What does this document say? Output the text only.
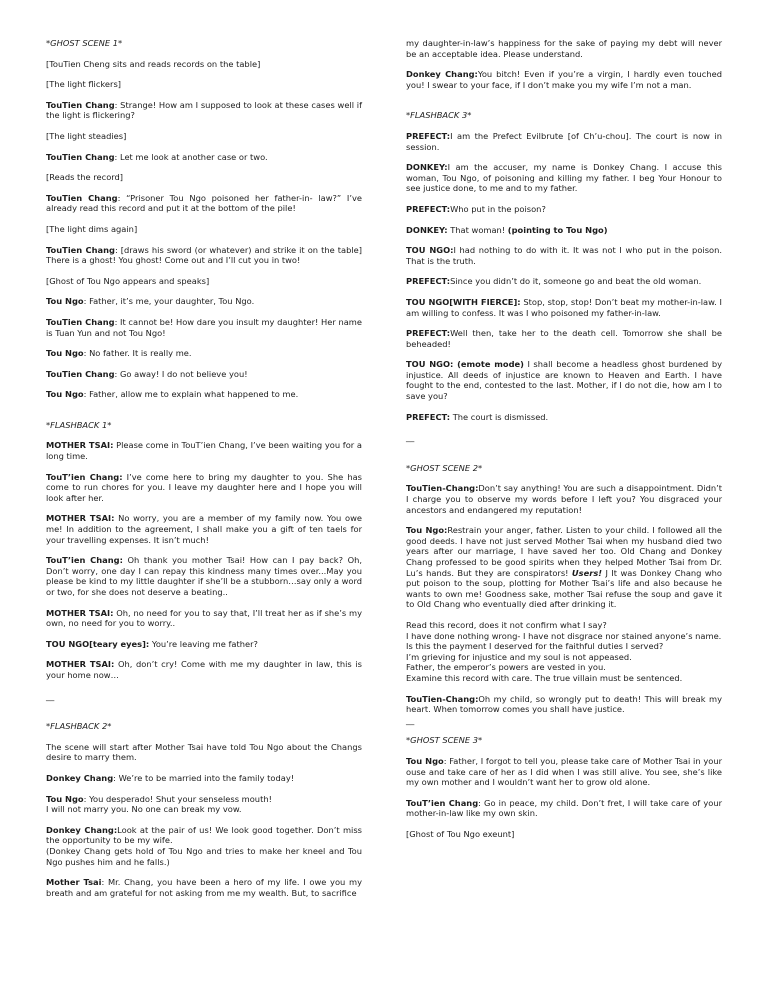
*GHOST SCENE 1*

[TouTien Cheng sits and reads records on the table]

[The light flickers]

TouTien Chang: Strange! How am I supposed to look at these cases well if the light is flickering?

[The light steadies]

TouTien Chang: Let me look at another case or two.

[Reads the record]

TouTien Chang: “Prisoner Tou Ngo poisoned her father-in- law?” I’ve already read this record and put it at the bottom of the pile!

[The light dims again]

TouTien Chang: [draws his sword (or whatever) and strike it on the table] There is a ghost! You ghost! Come out and I’ll cut you in two!

[Ghost of Tou Ngo appears and speaks]

Tou Ngo: Father, it’s me, your daughter, Tou Ngo.

TouTien Chang: It cannot be! How dare you insult my daughter! Her name is Tuan Yun and not Tou Ngo!

Tou Ngo: No father. It is really me.

TouTien Chang: Go away! I do not believe you!

Tou Ngo: Father, allow me to explain what happened to me.

*FLASHBACK 1*

MOTHER TSAI: Please come in TouT’ien Chang, I’ve been waiting you for a long time.

TouT’ien Chang: I’ve come here to bring my daughter to you. She has come to run chores for you. I leave my daughter here and I hope you will look after her.

MOTHER TSAI: No worry, you are a member of my family now. You owe me! In addition to the agreement, I shall make you a gift of ten taels for your travelling expenses. It isn’t much!

TouT’ien Chang: Oh thank you mother Tsai! How can I pay back? Oh, Don’t worry, one day I can repay this kindness many times over...May you please be kind to my little daughter if she’ll be a stubborn…say only a word or two, for she does not deserve a beating..

MOTHER TSAI: Oh, no need for you to say that, I’ll treat her as if she’s my own, no need for you to worry..

TOU NGO[teary eyes]: You’re leaving me father?

MOTHER TSAI: Oh, don’t cry! Come with me my daughter in law, this is your home now…

__

*FLASHBACK 2*

The scene will start after Mother Tsai have told Tou Ngo about the Changs desire to marry them.

Donkey Chang: We’re to be married into the family today!

Tou Ngo: You desperado! Shut your senseless mouth!
I will not marry you. No one can break my vow.

Donkey Chang:Look at the pair of us! We look good together. Don’t miss the opportunity to be my wife.
(Donkey Chang gets hold of Tou Ngo and tries to make her kneel and Tou Ngo pushes him and he falls.)

Mother Tsai: Mr. Chang, you have been a hero of my life. I owe you my breath and am grateful for not asking from me my wealth. But, to sacrifice

my daughter-in-law’s happiness for the sake of paying my debt will never be an acceptable idea. Please understand.

Donkey Chang:You bitch! Even if you’re a virgin, I hardly even touched you! I swear to your face, if I don’t make you my wife I’m not a man.

*FLASHBACK 3*

PREFECT:I am the Prefect Evilbrute [of Ch’u-chou]. The court is now in session.

DONKEY:I am the accuser, my name is Donkey Chang. I accuse this woman, Tou Ngo, of poisoning and killing my father. I beg Your Honour to see justice done, to me and to my father.

PREFECT:Who put in the poison?

DONKEY: That woman! (pointing to Tou Ngo)

TOU NGO:I had nothing to do with it. It was not I who put in the poison. That is the truth.

PREFECT:Since you didn’t do it, someone go and beat the old woman.

TOU NGO[WITH FIERCE]: Stop, stop, stop! Don’t beat my mother-in-law. I am willing to confess. It was I who poisoned my father-in-law.

PREFECT:Well then, take her to the death cell. Tomorrow she shall be beheaded!

TOU NGO: (emote mode) I shall become a headless ghost burdened by injustice. All deeds of injustice are known to Heaven and Earth. I have fought to the end, contested to the last. Mother, if I do not die, how am I to save you?

PREFECT: The court is dismissed.

__

*GHOST SCENE 2*

TouTien-Chang:Don’t say anything! You are such a disappointment. Didn’t I charge you to observe my words before I left you? You disgraced your ancestors and endangered my reputation!

Tou Ngo:Restrain your anger, father. Listen to your child. I followed all the good deeds. I have not just served Mother Tsai when my husband died two years after our marriage, I have saved her too. Old Chang and Donkey Chang professed to be good spirits when they helped Mother Tsai from Dr. Lu’s hands. But they are conspirators! Users! J It was Donkey Chang who put poison to the soup, plotting for Mother Tsai’s life and also because he wants to own me! Goodness sake, mother Tsai refuse the soup and gave it to Old Chang who eventually died after drinking it.

Read this record, does it not confirm what I say?
I have done nothing wrong- I have not disgrace nor stained anyone’s name.
Is this the payment I deserved for the faithful duties I served?
I’m grieving for injustice and my soul is not appeased.
Father, the emperor’s powers are vested in you.
Examine this record with care. The true villain must be sentenced.

TouTien-Chang:Oh my child, so wrongly put to death! This will break my heart. When tomorrow comes you shall have justice.
__

*GHOST SCENE 3*

Tou Ngo: Father, I forgot to tell you, please take care of Mother Tsai in your ouse and take care of her as I did when I was still alive. You see, she’s like my own mother and I wouldn’t want her to grow old alone.

TouT’ien Chang: Go in peace, my child. Don’t fret, I will take care of your mother-in-law like my own skin.

[Ghost of Tou Ngo exeunt]
